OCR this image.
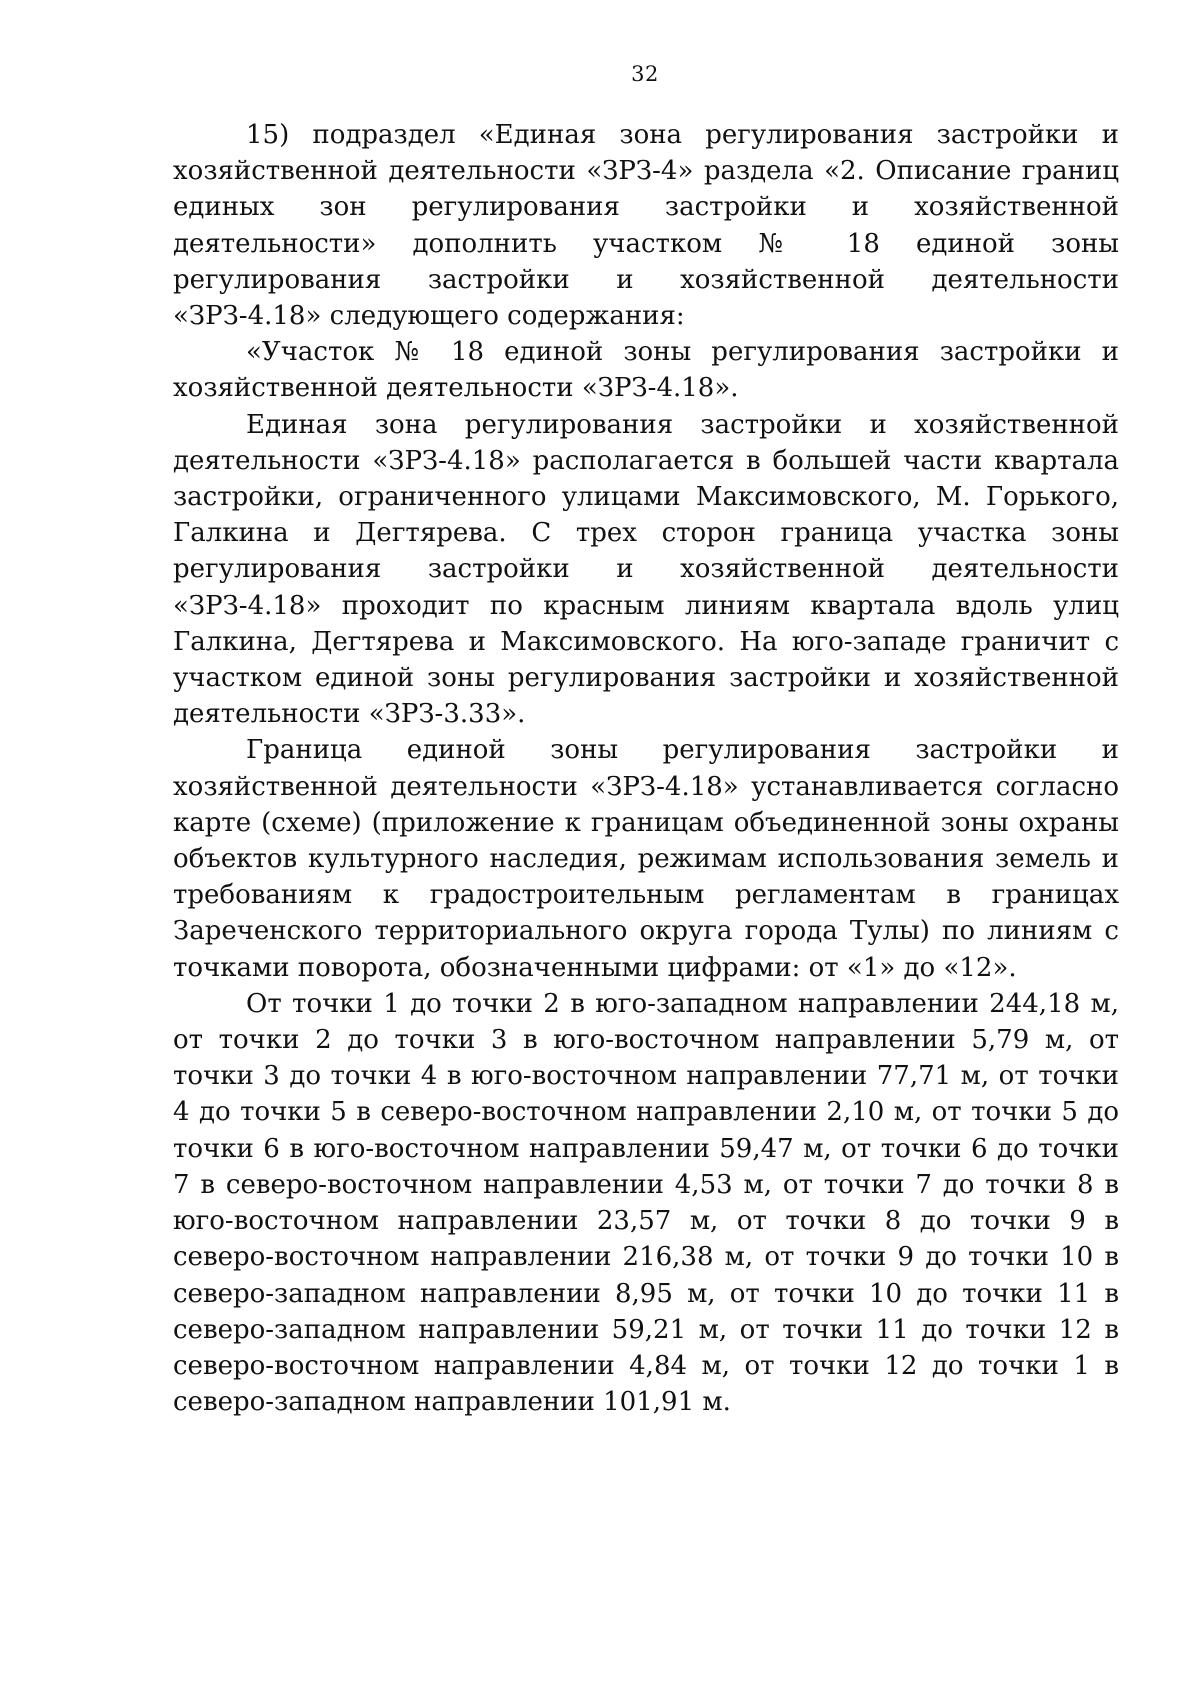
32

15) подраздел «Единая зона регулирования застройки и хозяйственной деятельности «ЗРЗ-4» раздела «2. Описание границ единых зон регулирования застройки и хозяйственной деятельности» дополнить участком № 18 единой зоны регулирования застройки и хозяйственной деятельности «ЗРЗ-4.18» следующего содержания:

«Участок № 18 единой зоны регулирования застройки и хозяйственной деятельности «ЗРЗ-4.18».

Единая зона регулирования застройки и хозяйственной деятельности «ЗРЗ-4.18» располагается в большей части квартала застройки, ограниченного улицами Максимовского, М. Горького, Галкина и Дегтярева. С трех сторон граница участка зоны регулирования застройки и хозяйственной деятельности «ЗРЗ-4.18» проходит по красным линиям квартала вдоль улиц Галкина, Дегтярева и Максимовского. На юго-западе граничит с участком единой зоны регулирования застройки и хозяйственной деятельности «ЗРЗ-3.33».

Граница единой зоны регулирования застройки и хозяйственной деятельности «ЗРЗ-4.18» устанавливается согласно карте (схеме) (приложение к границам объединенной зоны охраны объектов культурного наследия, режимам использования земель и требованиям к градостроительным регламентам в границах Зареченского территориального округа города Тулы) по линиям с точками поворота, обозначенными цифрами: от «1» до «12».

От точки 1 до точки 2 в юго-западном направлении 244,18 м, от точки 2 до точки 3 в юго-восточном направлении 5,79 м, от точки 3 до точки 4 в юго-восточном направлении 77,71 м, от точки 4 до точки 5 в северо-восточном направлении 2,10 м, от точки 5 до точки 6 в юго-восточном направлении 59,47 м, от точки 6 до точки 7 в северо-восточном направлении 4,53 м, от точки 7 до точки 8 в юго-восточном направлении 23,57 м, от точки 8 до точки 9 в северо-восточном направлении 216,38 м, от точки 9 до точки 10 в северо-западном направлении 8,95 м, от точки 10 до точки 11 в северо-западном направлении 59,21 м, от точки 11 до точки 12 в северо-восточном направлении 4,84 м, от точки 12 до точки 1 в северо-западном направлении 101,91 м.
